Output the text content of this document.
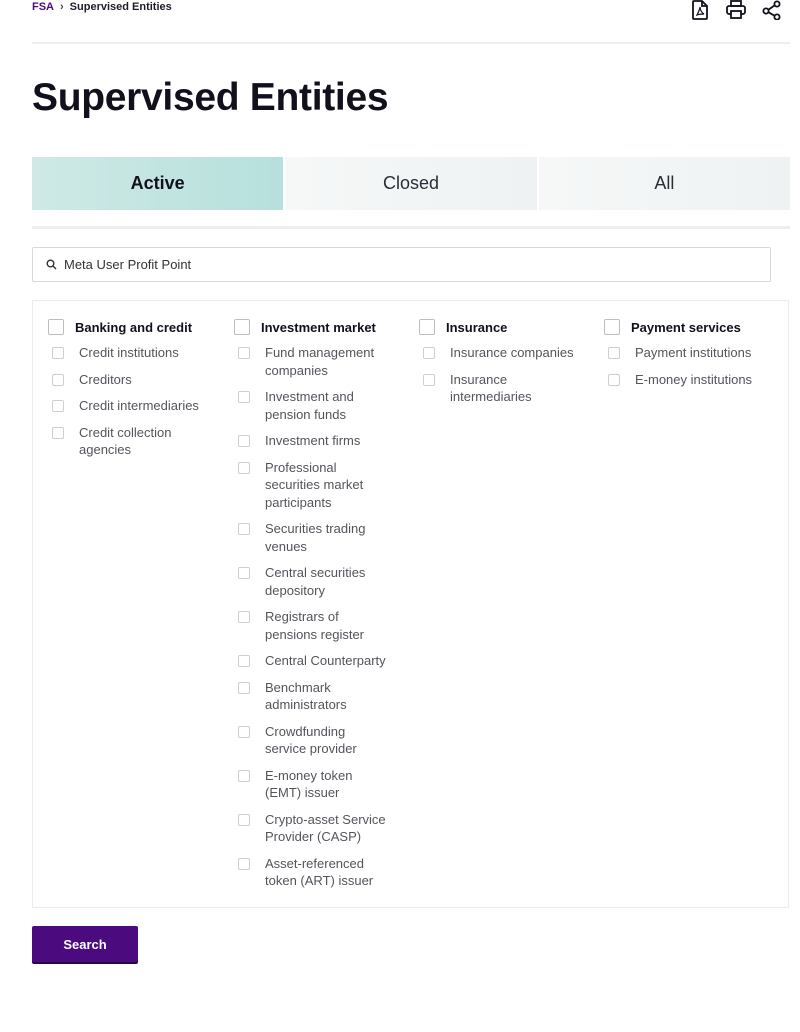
FSA › Supervised Entities
Supervised Entities
Active	Closed	All
Meta User Profit Point
Banking and credit
Credit institutions
Creditors
Credit intermediaries
Credit collection agencies
Investment market
Fund management companies
Investment and pension funds
Investment firms
Professional securities market participants
Securities trading venues
Central securities depository
Registrars of pensions register
Central Counterparty
Benchmark administrators
Crowdfunding service provider
E-money token (EMT) issuer
Crypto-asset Service Provider (CASP)
Asset-referenced token (ART) issuer
Insurance
Insurance companies
Insurance intermediaries
Payment services
Payment institutions
E-money institutions
Search
